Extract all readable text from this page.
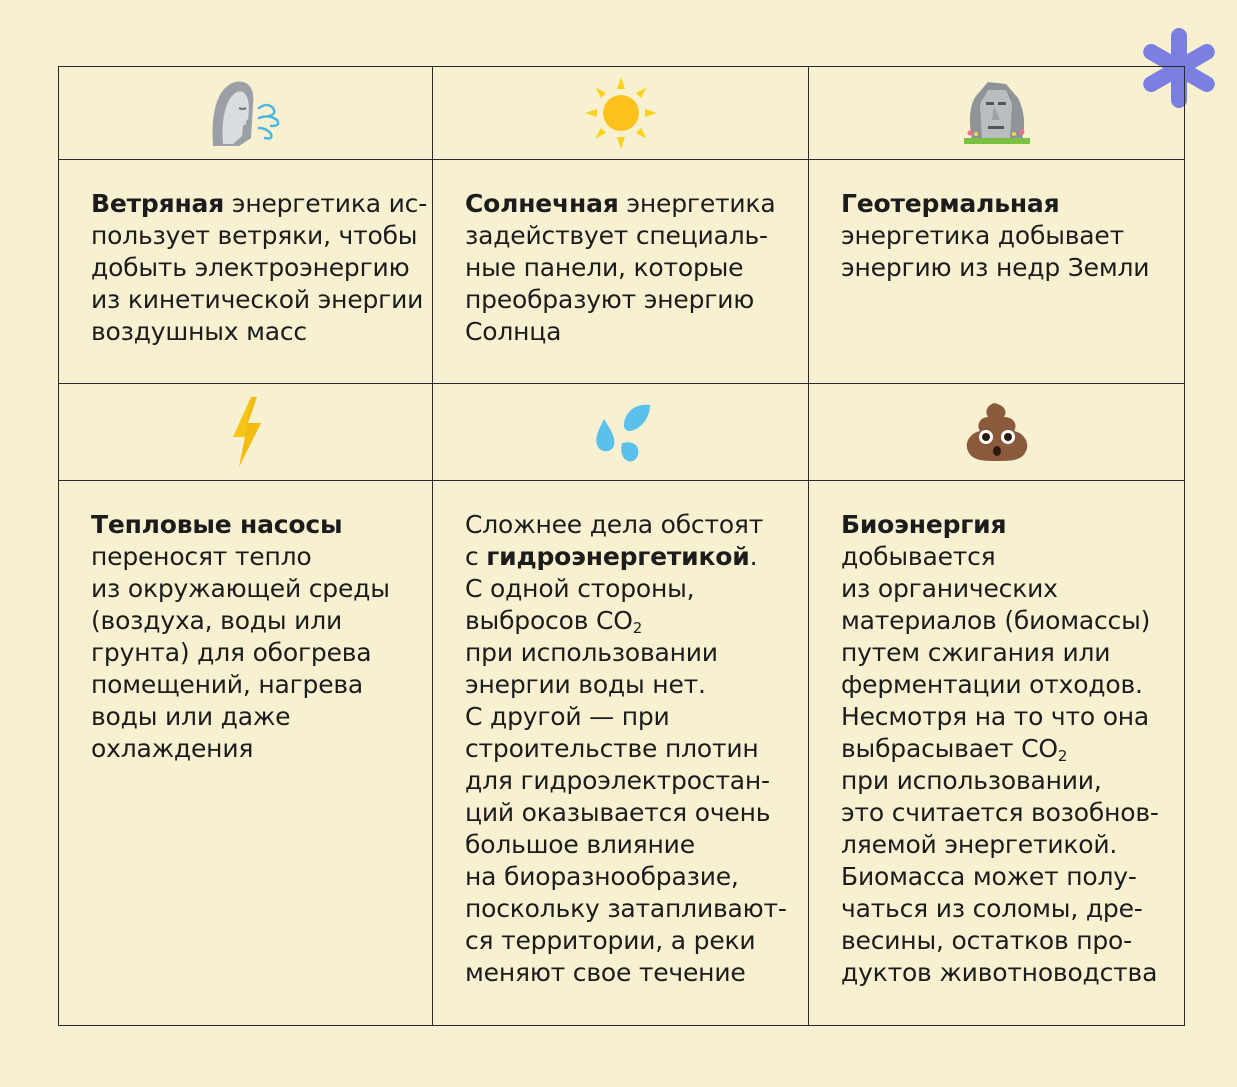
Ветряная энергетика ис-
пользует ветряки, чтобы
добыть электроэнергию
из кинетической энергии
воздушных масс
Солнечная энергетика
задействует специаль-
ные панели, которые
преобразуют энергию
Солнца
Геотермальная
энергетика добывает
энергию из недр Земли
Тепловые насосы
переносят тепло
из окружающей среды
(воздуха, воды или
грунта) для обогрева
помещений, нагрева
воды или даже
охлаждения
Сложнее дела обстоят
с гидроэнергетикой.
С одной стороны,
выбросов $CO_2$
при использовании
энергии воды нет.
С другой — при
строительстве плотин
для гидроэлектростан-
ций оказывается очень
большое влияние
на биоразнообразие,
поскольку затапливают-
ся территории, а реки
меняют свое течение
Биоэнергия
добывается
из органических
материалов (биомассы)
путем сжигания или
ферментации отходов.
Несмотря на то что она
выбрасывает $CO_2$
при использовании,
это считается возобнов-
ляемой энергетикой.
Биомасса может полу-
чаться из соломы, дре-
весины, остатков про-
дуктов животноводства
